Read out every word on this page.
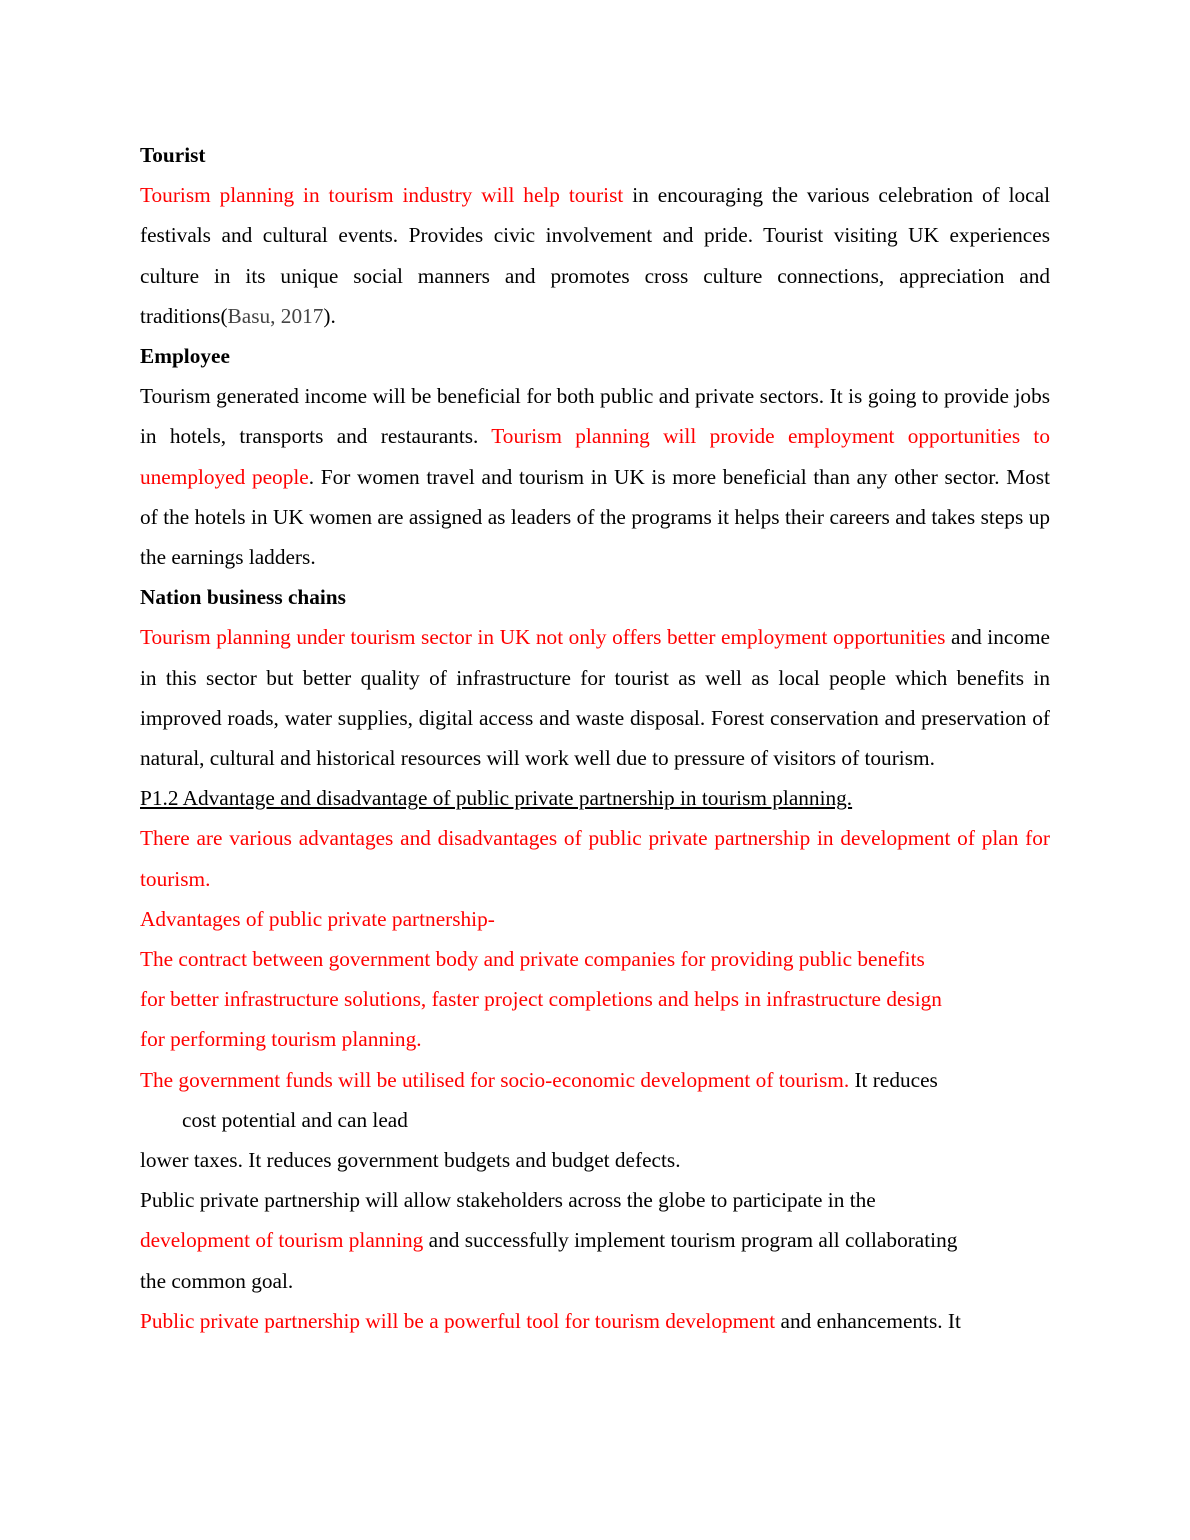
Tourist

Tourism planning in tourism industry will help tourist in encouraging the various celebration of local festivals and cultural events. Provides civic involvement and pride. Tourist visiting UK experiences culture in its unique social manners and promotes cross culture connections, appreciation and traditions(Basu, 2017).

Employee

Tourism generated income will be beneficial for both public and private sectors. It is going to provide jobs in hotels, transports and restaurants. Tourism planning will provide employment opportunities to unemployed people. For women travel and tourism in UK is more beneficial than any other sector. Most of the hotels in UK women are assigned as leaders of the programs it helps their careers and takes steps up the earnings ladders.

Nation business chains

Tourism planning under tourism sector in UK not only offers better employment opportunities and income in this sector but better quality of infrastructure for tourist as well as local people which benefits in improved roads, water supplies, digital access and waste disposal. Forest conservation and preservation of natural, cultural and historical resources will work well due to pressure of visitors of tourism.

P1.2 Advantage and disadvantage of public private partnership in tourism planning.

There are various advantages and disadvantages of public private partnership in development of plan for tourism.

Advantages of public private partnership-

The contract between government body and private companies for providing public benefits

for better infrastructure solutions, faster project completions and helps in infrastructure design

for performing tourism planning.

The government funds will be utilised for socio-economic development of tourism. It reduces

cost potential and can lead

lower taxes. It reduces government budgets and budget defects.

Public private partnership will allow stakeholders across the globe to participate in the

development of tourism planning and successfully implement tourism program all collaborating

the common goal.

Public private partnership will be a powerful tool for tourism development and enhancements. It
